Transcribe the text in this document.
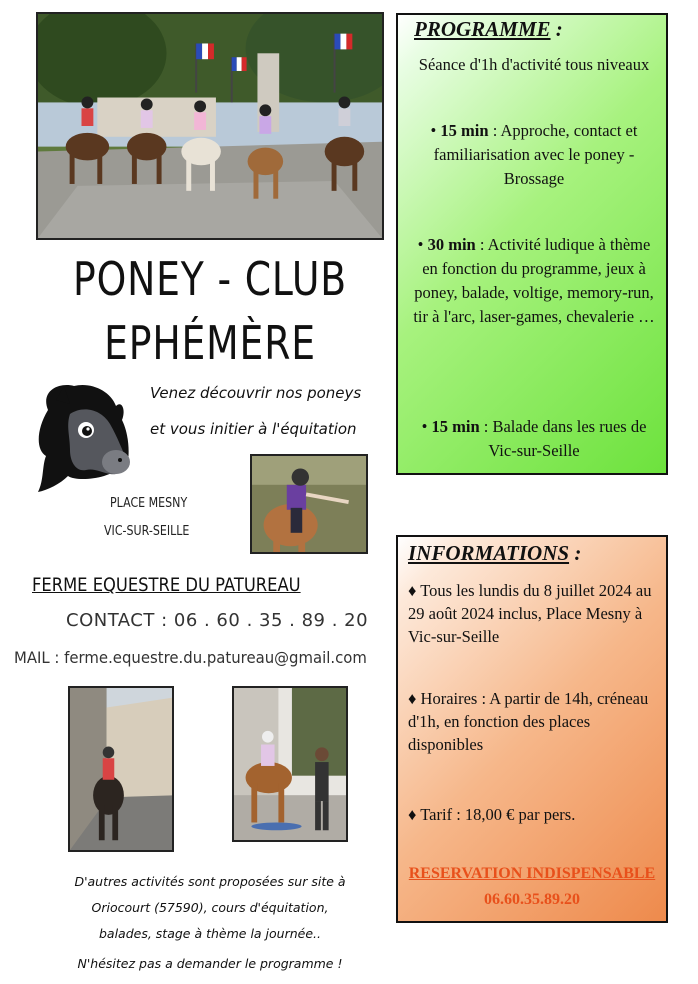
PONEY - CLUB
EPHÉMÈRE
Venez découvrir nos poneys
et vous initier à l'équitation
PLACE MESNY
VIC-SUR-SEILLE
FERME EQUESTRE DU PATUREAU
CONTACT : 06 . 60 . 35 . 89 . 20
MAIL : ferme.equestre.du.patureau@gmail.com
D'autres activités sont proposées sur site à
Oriocourt (57590), cours d'équitation,
balades, stage à thème la journée..
N'hésitez pas a demander le programme !
PROGRAMME :
Séance d'1h d'activité tous niveaux
• 15 min : Approche, contact et familiarisation avec le poney - Brossage
• 30 min : Activité ludique à thème en fonction du programme, jeux à poney, balade, voltige, memory-run, tir à l'arc, laser-games, chevalerie …
• 15 min : Balade dans les rues de Vic-sur-Seille
INFORMATIONS :
♦ Tous les lundis du 8 juillet 2024 au 29 août 2024 inclus, Place Mesny à Vic-sur-Seille
♦ Horaires : A partir de 14h, créneau d'1h, en fonction des places disponibles
♦ Tarif : 18,00 € par pers.
RESERVATION INDISPENSABLE
06.60.35.89.20
